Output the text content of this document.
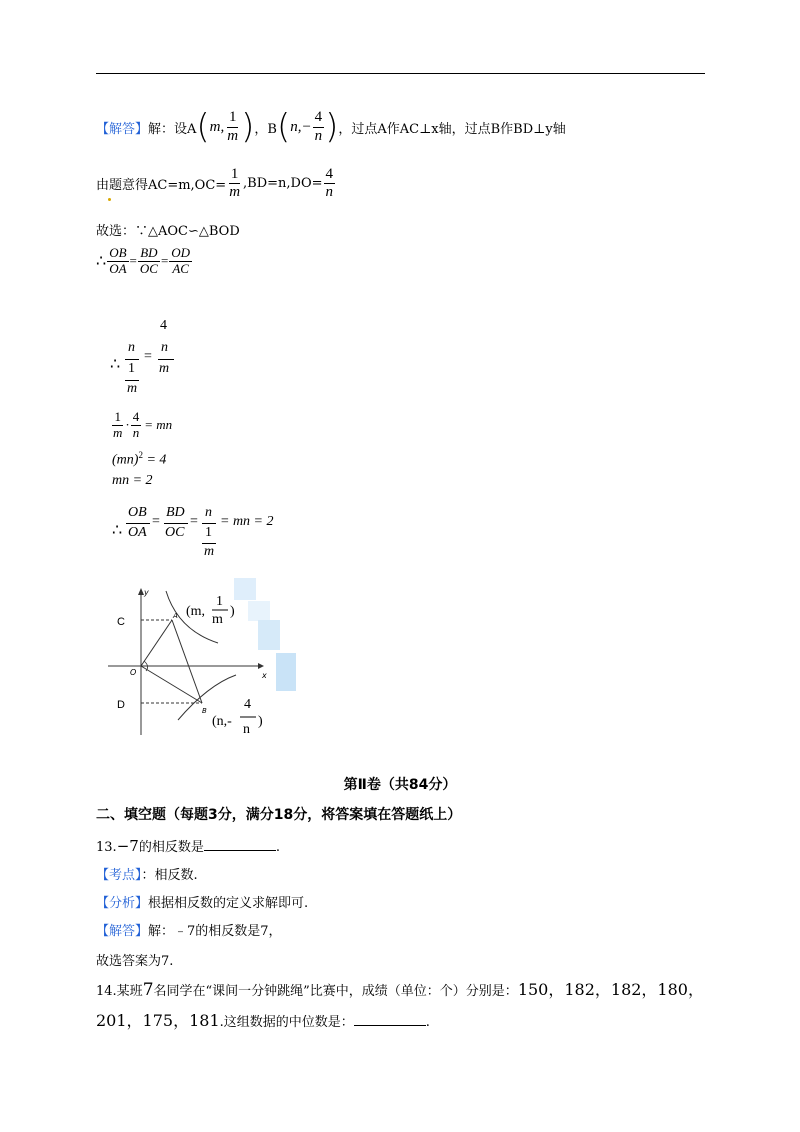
【解答】 解：设A ( m, $\frac{1}{m}$ ) ，B ( $n,- \frac{4}{n}$ ) ，过点A作AC⊥x轴，过点B作BD⊥y轴
由题意得$AC=m,OC= \frac{1}{m} ,BD=n,DO= \frac{4}{n}$
故选：∵△AOC∽△BOD
∴ $\frac{OB}{OA} = \frac{BD}{OC} = \frac{OD}{AC}$
4
∴
n
1
m
=
n
m
$\frac{1}{m} \cdot \frac{4}{n}$ = mn
(mn)$^2$ = 4
mn = 2
∴
OB
OA
=
BD
OC
=
n
1
m
= mn = 2
y
x
O
A
B
C
D
(m,
1
m
)
(n,-
4
n
)
第Ⅱ卷（共84分）
二、填空题（每题3分，满分18分，将答案填在答题纸上）
13.−7的相反数是	.
【考点】：相反数.
【分析】根据相反数的定义求解即可.
【解答】解：﹣7的相反数是7，
故选答案为7.
14.某班 7 名同学在“课间一分钟跳绳”比赛中，成绩（单位：个）分别是： 150，182，182，180，
201，175，181 .这组数据的中位数是：	.
